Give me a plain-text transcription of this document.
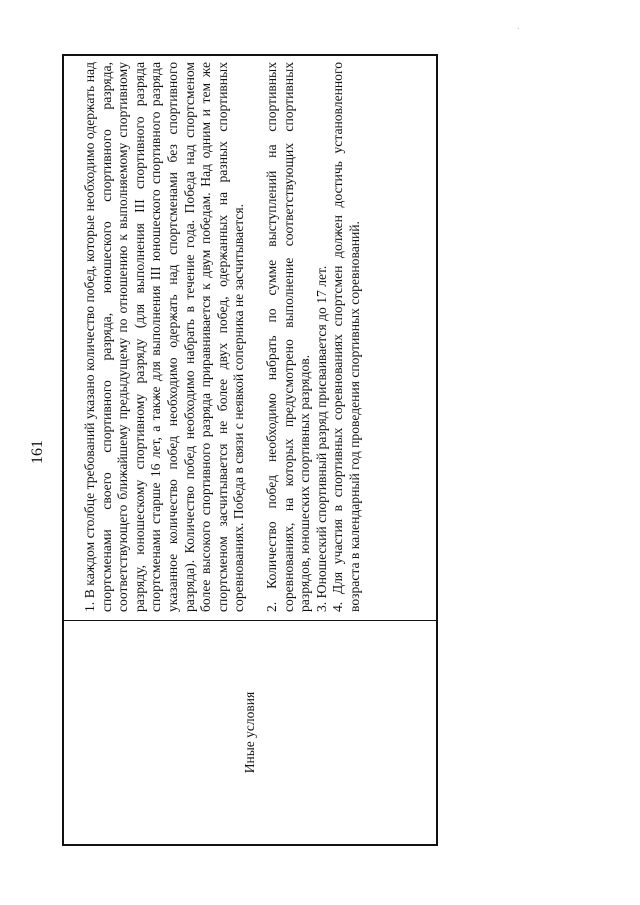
161
·
Иные условия

1. В каждом столбце требований указано количество побед, которые необходимо одержать над спортсменами своего спортивного разряда, юношеского спортивного разряда, соответствующего ближайшему предыдущему по отношению к выполняемому спортивному разряду, юношескому спортивному разряду (для выполнения III спортивного разряда спортсменами старше 16 лет, а также для выполнения III юношеского спортивного разряда указанное количество побед необходимо одержать над спортсменами без спортивного разряда). Количество побед необходимо набрать в течение года. Победа над спортсменом более высокого спортивного разряда приравнивается к двум победам. Над одним и тем же спортсменом засчитывается не более двух побед, одержанных на разных спортивных соревнованиях. Победа в связи с неявкой соперника не засчитывается. 2. Количество побед необходимо набрать по сумме выступлений на спортивных соревнованиях, на которых предусмотрено выполнение соответствующих спортивных разрядов, юношеских спортивных разрядов. 3. Юношеский спортивный разряд присваивается до 17 лет. 4. Для участия в спортивных соревнованиях спортсмен должен достичь установленного возраста в календарный год проведения спортивных соревнований.
